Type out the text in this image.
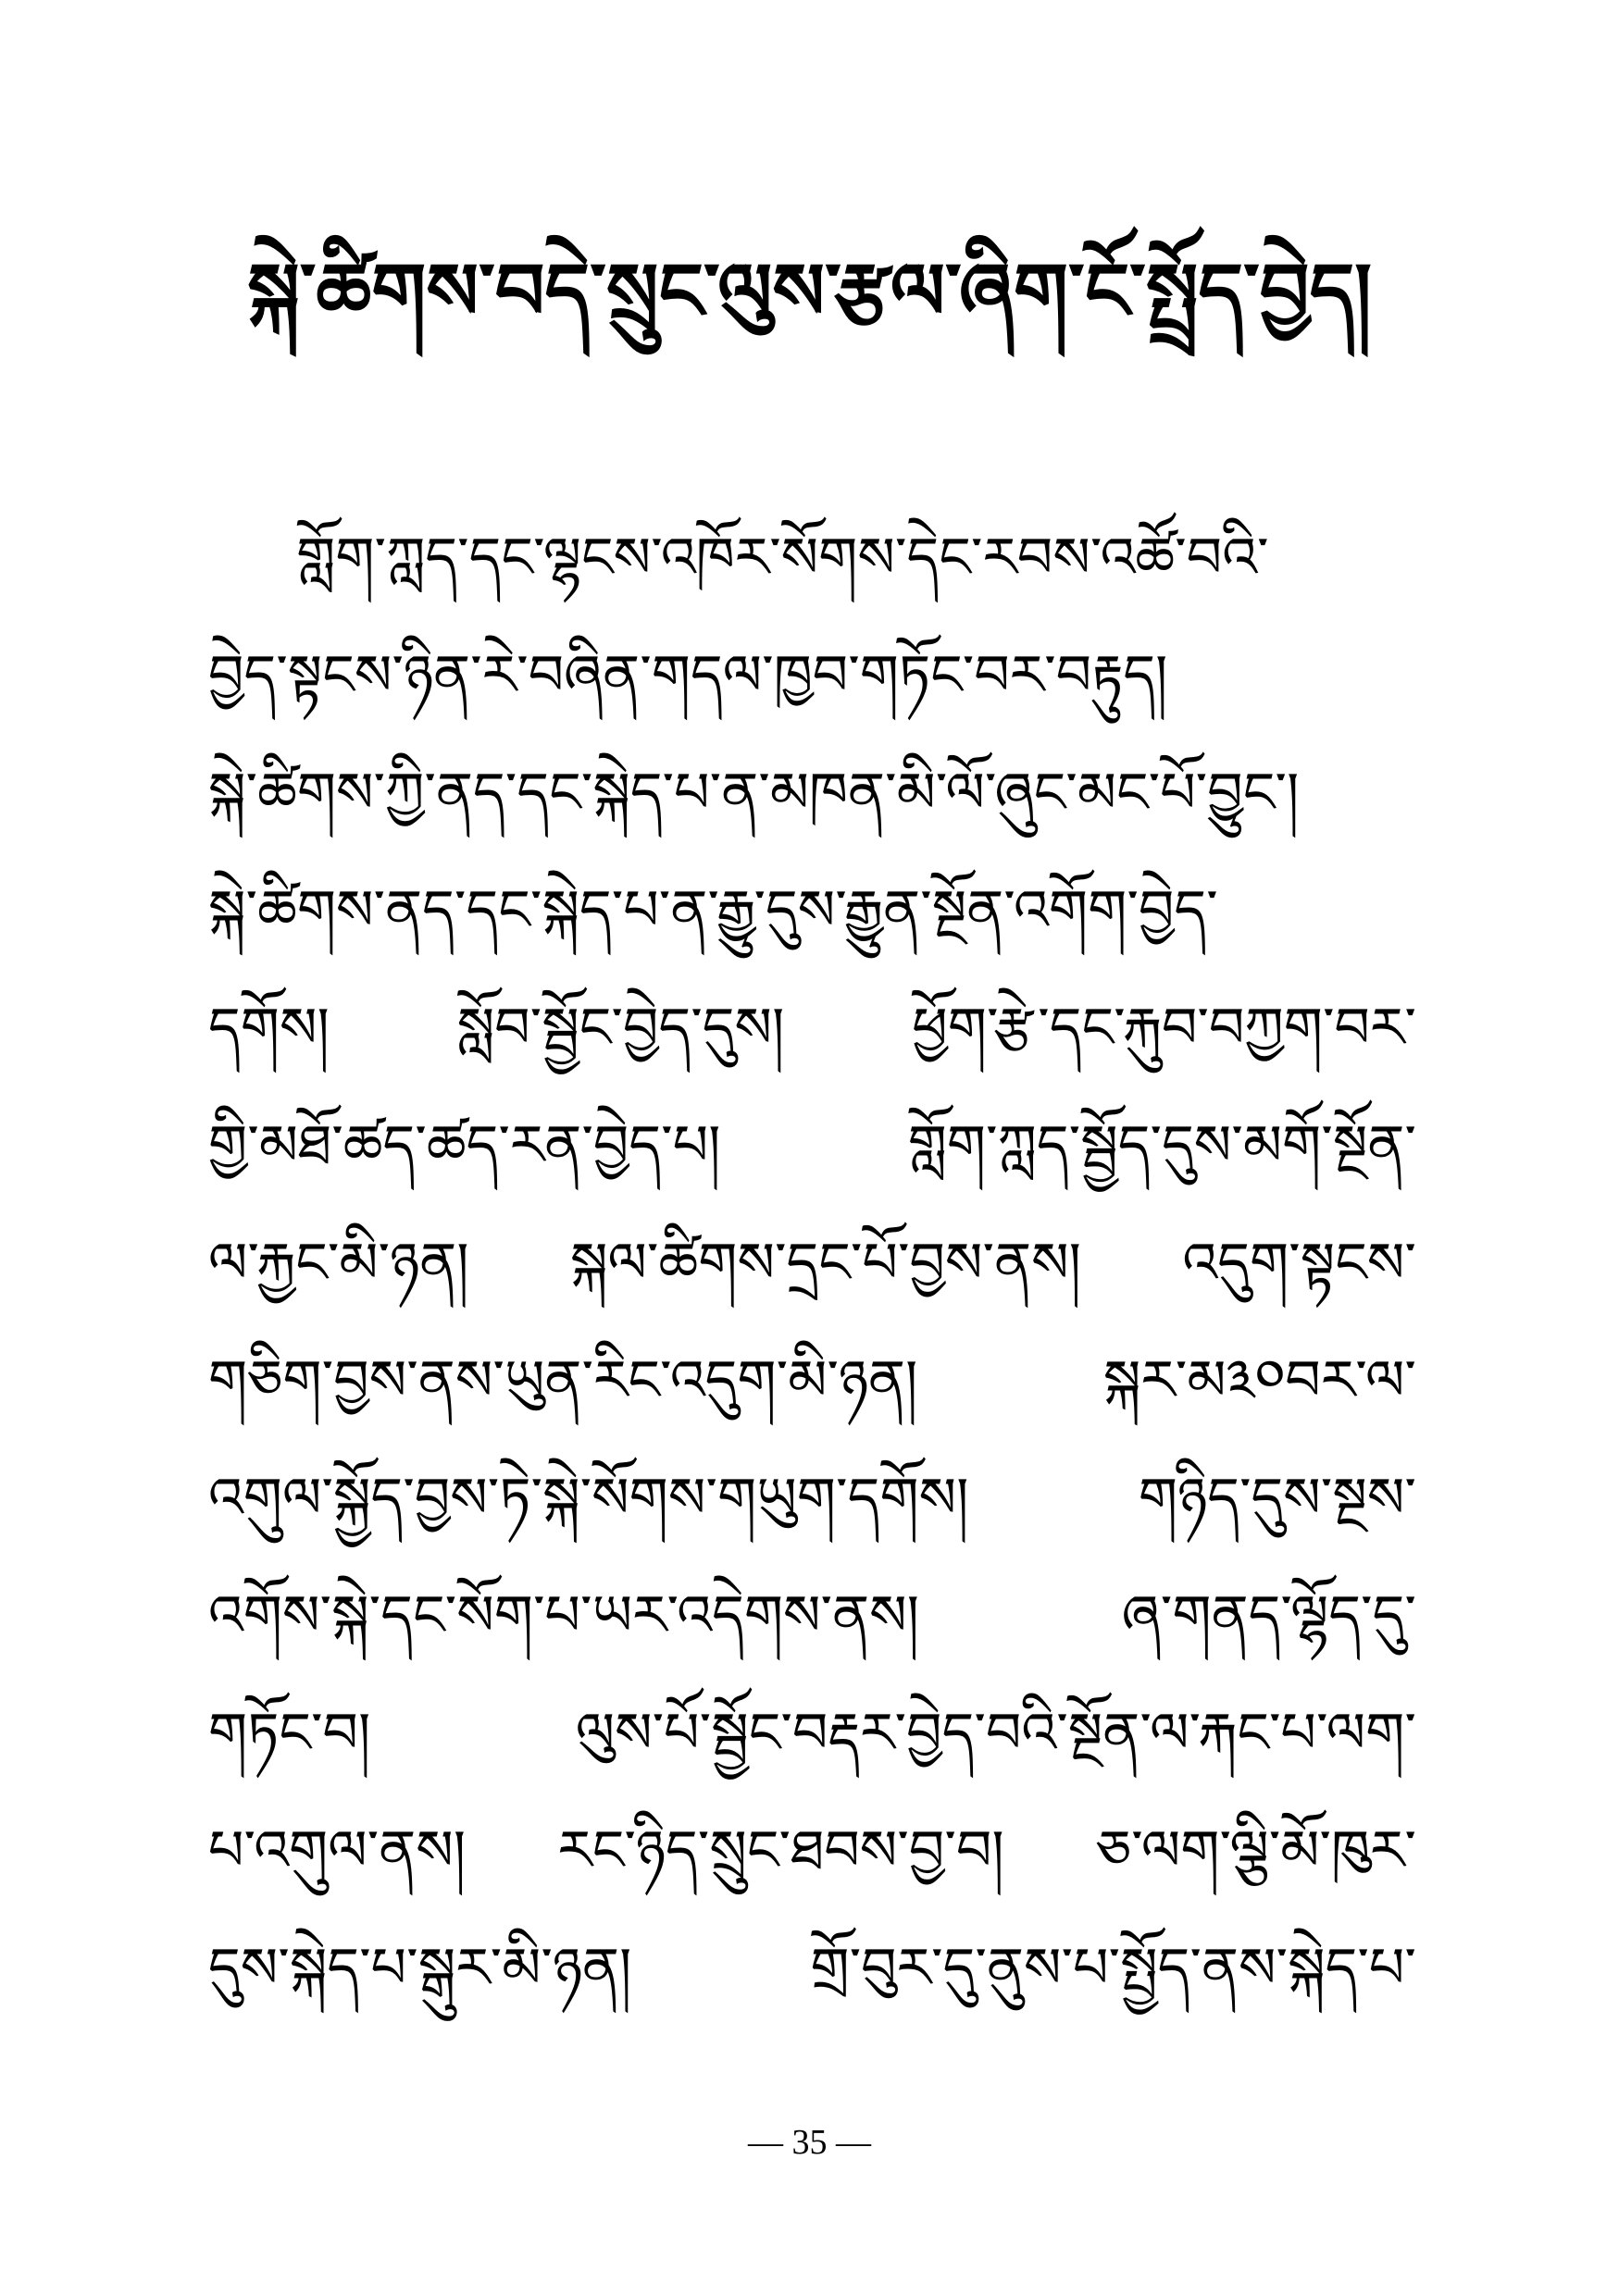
སྐེ་ཚིགས་བདེ་སྲུང་ལུས་རྩལ་ཞིག་ངོ་སྤྲོད་བྱེད།
གློག་ཀླད་དང་ལྷངས་འཁོར་སོགས་དེང་རབས་འཚོ་བའི་
བྱེད་སྟངས་ཉིན་རེ་བཞིན་གདལ་ཁྱབ་གཏོང་བར་བརྟུད།
སྐེ་ཚིགས་ཀྱི་ནད་དང་སྐེད་པ་ན་མཁན་མི་ལོ་ཞུང་མང་པོ་བྱུང་།
སྐེ་ཚིགས་ནད་དང་སྐེད་པ་ན་རྒྱུ་དུས་རྒྱུན་སྔོན་འགོག་བྱེད་
དགོས། སློབ་སྦྱོང་བྱེད་དུས། ཕྱོག་རྩེ་དང་རྐུབ་བཀྱག་བར་
གྱི་མཐོ་ཚད་ཚད་རན་བྱེད་པ། གློག་ཀླད་སྦྱོད་དུས་མགོ་སྔོན་
ལ་རྐྱང་མི་ཉན། སྐལ་ཚིགས་དྲང་པོ་བྱས་ནས། འདུག་སྟངས་
གཅིག་བྱས་ནས་ཡུན་རིང་འདུག་མི་ཉན། སྐར་མ༣༠བར་ལ་
འགུལ་སྐྱོད་བྱས་ཏེ་སྐེ་སོགས་གཡུག་དགོས། གཉིད་དུས་སྔས་
འགོས་སྐེ་དང་སོག་པ་ཡར་འདེགས་ནས། ཞ་གནད་ལྷོད་དུ་
གཏོང་བ། ལུས་པོ་སྦྱོང་བརྡར་བྱེད་བའི་སྔོན་ལ་རྐང་པ་ལག་
པ་འགུལ་ནས། རང་ཉིད་སྲུང་ཐབས་བྱ་བ། ཅ་ལག་ལྕི་མོ་ཁུར་
དུས་སྐེད་པ་སྒུར་མི་ཉན། གྲོ་བུར་དུ་ནུས་པ་སྤྱོད་ནས་སྐེད་པ་
— 35 —
